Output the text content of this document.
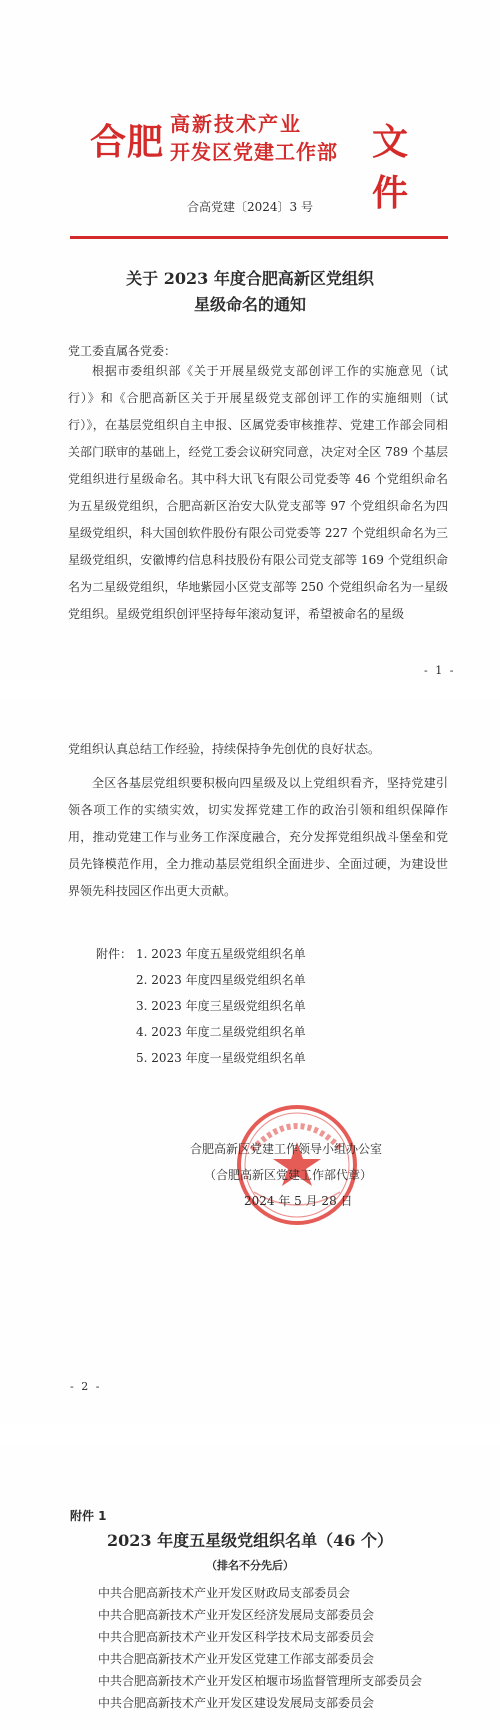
合肥 高新技术产业
开发区党建工作部 文件
合高党建〔2024〕3 号
关于 2023 年度合肥高新区党组织
星级命名的通知
党工委直属各党委：
根据市委组织部《关于开展星级党支部创评工作的实施意见（试行）》和《合肥高新区关于开展星级党支部创评工作的实施细则（试行）》，在基层党组织自主申报、区属党委审核推荐、党建工作部会同相关部门联审的基础上，经党工委会议研究同意，决定对全区 789 个基层党组织进行星级命名。其中科大讯飞有限公司党委等 46 个党组织命名为五星级党组织，合肥高新区治安大队党支部等 97 个党组织命名为四星级党组织，科大国创软件股份有限公司党委等 227 个党组织命名为三星级党组织，安徽博约信息科技股份有限公司党支部等 169 个党组织命名为二星级党组织，华地紫园小区党支部等 250 个党组织命名为一星级党组织。星级党组织创评坚持每年滚动复评，希望被命名的星级
- 1 -
党组织认真总结工作经验，持续保持争先创优的良好状态。
全区各基层党组织要积极向四星级及以上党组织看齐，坚持党建引领各项工作的实绩实效，切实发挥党建工作的政治引领和组织保障作用，推动党建工作与业务工作深度融合，充分发挥党组织战斗堡垒和党员先锋模范作用，全力推动基层党组织全面进步、全面过硬，为建设世界领先科技园区作出更大贡献。
附件： 1. 2023 年度五星级党组织名单
2. 2023 年度四星级党组织名单
3. 2023 年度三星级党组织名单
4. 2023 年度二星级党组织名单
5. 2023 年度一星级党组织名单
合肥高新区党建工作领导小组办公室
（合肥高新区党建工作部代章）
2024 年 5 月 28 日
- 2 -
附件 1
2023 年度五星级党组织名单（46 个）
（排名不分先后）
中共合肥高新技术产业开发区财政局支部委员会
中共合肥高新技术产业开发区经济发展局支部委员会
中共合肥高新技术产业开发区科学技术局支部委员会
中共合肥高新技术产业开发区党建工作部支部委员会
中共合肥高新技术产业开发区柏堰市场监督管理所支部委员会
中共合肥高新技术产业开发区建设发展局支部委员会
